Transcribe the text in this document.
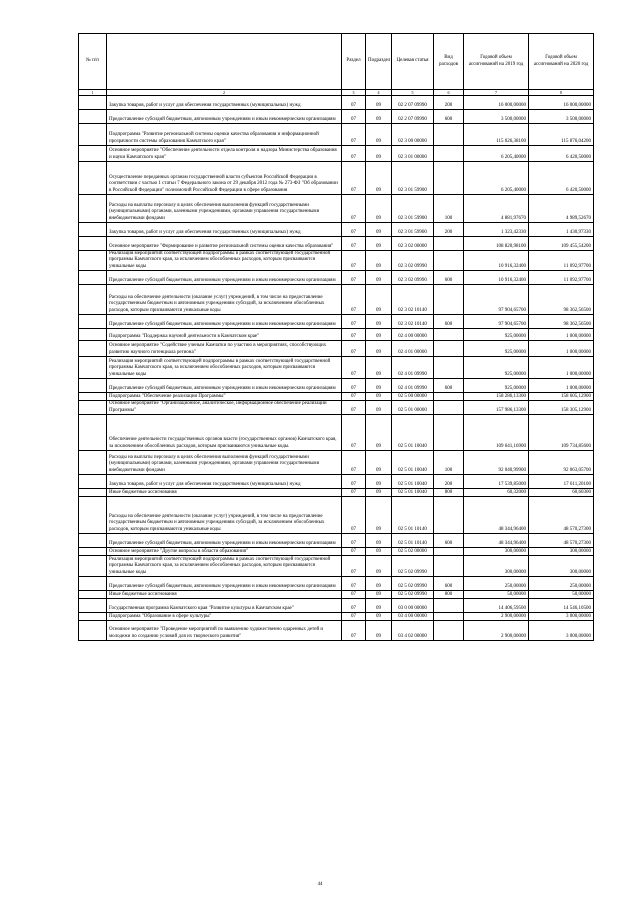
№ п/п		Раздел	Подраздел	Целевая статья	Вид расходов	Годовой объем ассигнований на 2019 год	Годовой объем ассигнований на 2020 год
1	2	3	4	5	6	7	8
	Закупка товаров, работ и услуг для обеспечения государственных (муниципальных) нужд	07	09	02 2 07 09990	200	16 000,00000	16 000,00000
	Предоставление субсидий бюджетным, автономным учреждениям и иным некоммерческим организациям	07	09	02 2 07 09990	600	3 500,00000	3 500,00000
	Подпрограмма "Развитие региональной системы оценки качества образования и информационной прозрачности системы образования Камчатского края"	07	09	02 3 00 00000		115 026,38100	115 876,04200
	Основное мероприятие "Обеспечение деятельности отдела контроля и надзора Министерства образования и науки Камчатского края"	07	09	02 3 01 00000		6 205,40000	6 420,50000
	Осуществление переданных органам государственной власти субъектов Российской Федерации в соответствии с частью 1 статьи 7 Федерального закона от 29 декабря 2012 года № 273-ФЗ "Об образовании в Российской Федерации" полномочий Российской Федерации в сфере образования	07	09	02 3 01 59900		6 205,40000	6 420,50000
	Расходы на выплаты персоналу в целях обеспечения выполнения функций государственными (муниципальными) органами, казенными учреждениями, органами управления государственными внебюджетными фондами	07	09	02 3 01 59900	100	4 881,97670	4 989,52670
	Закупка товаров, работ и услуг для обеспечения государственных (муниципальных) нужд	07	09	02 3 01 59900	200	1 323,42330	1 430,97330
	Основное мероприятие "Формирование и развитие региональной системы оценки качества образования"	07	09	02 3 02 00000		108 820,98100	109 455,54200
	Реализация мероприятий соответствующей подпрограммы в рамках соответствующей государственной программы Камчатского края, за исключением обособленных расходов, которым присваиваются уникальные коды	07	09	02 3 02 09990		10 916,32400	11 092,97700
	Предоставление субсидий бюджетным, автономным учреждениям и иным некоммерческим организациям	07	09	02 3 02 09990	600	10 916,32400	11 092,97700
	Расходы на обеспечение деятельности (оказание услуг) учреждений, в том числе на предоставление государственным бюджетным и автономным учреждениям субсидий, за исключением обособленных расходов, которым присваиваются уникальные коды	07	09	02 3 02 10140		97 904,65700	98 362,56500
	Предоставление субсидий бюджетным, автономным учреждениям и иным некоммерческим организациям	07	09	02 3 02 10140	600	97 904,65700	98 362,56500
	Подпрограмма "Поддержка научной деятельности в Камчатском крае"	07	09	02 4 00 00000		925,00000	1 000,00000
	Основное мероприятие "Содействие ученым Камчатки по участию в мероприятиях, способствующих развитию научного потенциала региона"	07	09	02 4 01 00000		925,00000	1 000,00000
	Реализация мероприятий соответствующей подпрограммы в рамках соответствующей государственной программы Камчатского края, за исключением обособленных расходов, которым присваиваются уникальные коды	07	09	02 4 01 09990		925,00000	1 000,00000
	Предоставление субсидий бюджетным, автономным учреждениям и иным некоммерческим организациям	07	09	02 4 01 09990	600	925,00000	1 000,00000
	Подпрограмма "Обеспечение реализации Программы"	07	09	02 5 00 00000		158 286,13300	158 605,12900
	Основное мероприятие "Организационное, аналитическое, информационное обеспечение реализации Программы"	07	09	02 5 01 00000		157 986,13300	158 305,12900
	Обеспечение деятельности государственных органов власти (государственных органов) Камчатского края, за исключением обособленных расходов, которым присваиваются уникальные коды.	07	09	02 5 01 10040		109 641,16900	109 734,85600
	Расходы на выплаты персоналу в целях обеспечения выполнения функций государственными (муниципальными) органами, казенными учреждениями, органами управления государственными внебюджетными фондами	07	09	02 5 01 10040	100	92 040,99900	92 063,05700
	Закупка товаров, работ и услуг для обеспечения государственных (муниципальных) нужд	07	09	02 5 01 10040	200	17 539,85000	17 611,20100
	Иные бюджетные ассигнования	07	09	02 5 01 10040	800	60,32000	60,60300
	Расходы на обеспечение деятельности (оказание услуг) учреждений, в том числе на предоставление государственным бюджетным и автономным учреждениям субсидий, за исключением обособленных расходов, которым присваиваются уникальные коды	07	09	02 5 01 10140		48 344,96400	48 570,27300
	Предоставление субсидий бюджетным, автономным учреждениям и иным некоммерческим организациям	07	09	02 5 01 10140	600	48 344,96400	48 570,27300
	Основное мероприятие "Другие вопросы в области образования"	07	09	02 5 02 00000		300,00000	300,00000
	Реализация мероприятий соответствующей подпрограммы в рамках соответствующей государственной программы Камчатского края, за исключением обособленных расходов, которым присваиваются уникальные коды	07	09	02 5 02 09990		300,00000	300,00000
	Предоставление субсидий бюджетным, автономным учреждениям и иным некоммерческим организациям	07	09	02 5 02 09990	600	250,00000	250,00000
	Иные бюджетные ассигнования	07	09	02 5 02 09990	800	50,00000	50,00000
	Государственная программа Камчатского края "Развитие культуры в Камчатском крае"	07	09	03 0 00 00000		14 406,59500	14 546,10500
	Подпрограмма "Образование в сфере культуры"	07	09	03 4 00 00000		2 900,00000	3 000,00000
	Основное мероприятие "Проведение мероприятий по выявлению художественно одаренных детей и молодежи по созданию условий для их творческого развития"	07	09	03 4 02 00000		2 900,00000	3 000,00000
44
